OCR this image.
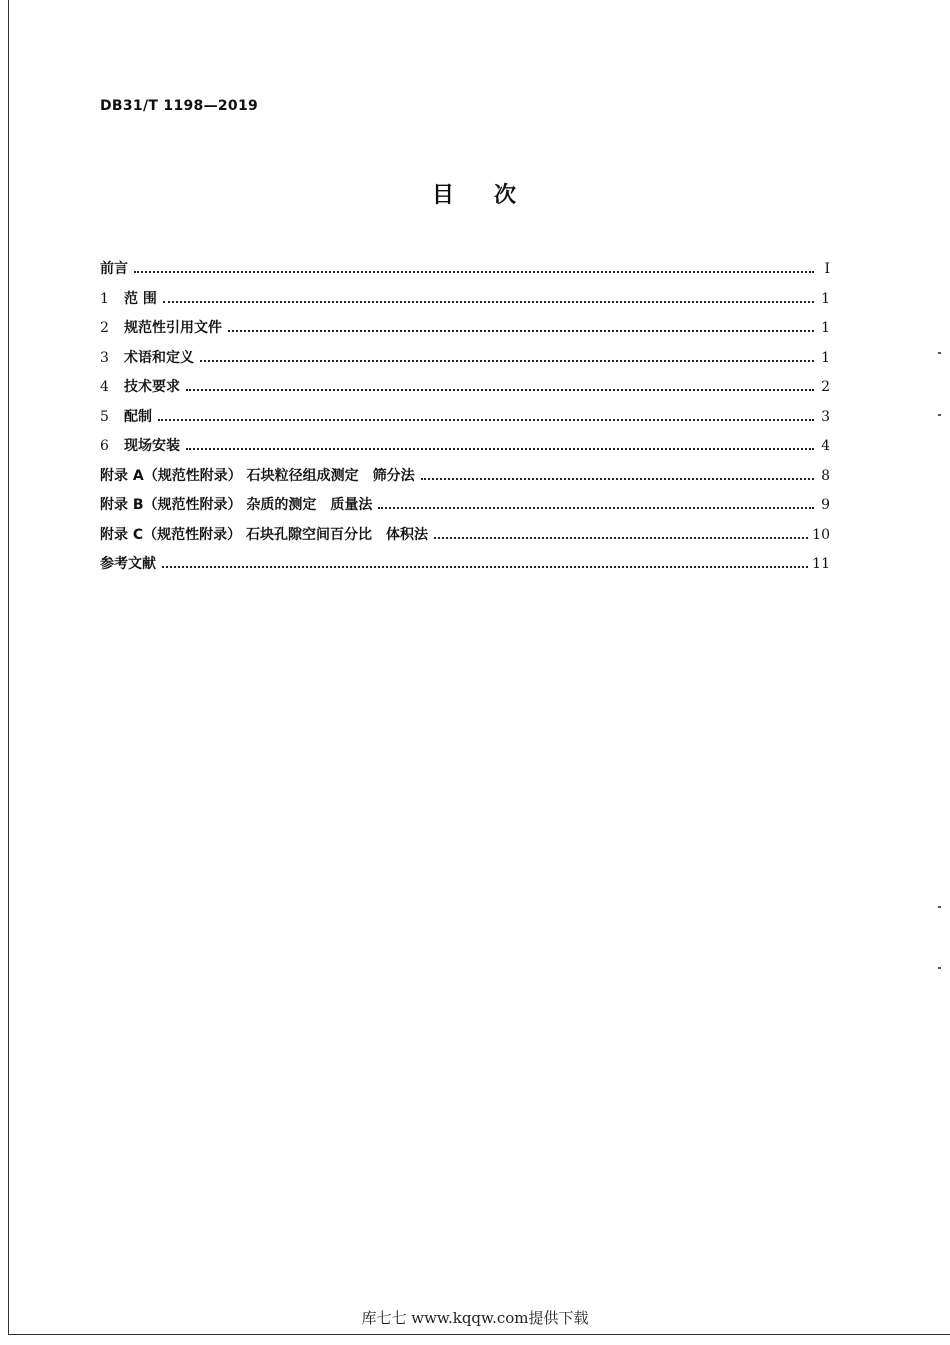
DB31/T 1198—2019
目次
前言	I
1 范 围	1
2 规范性引用文件	1
3 术语和定义	1
4 技术要求	2
5 配制	3
6 现场安装	4
附录 A（规范性附录） 石块粒径组成测定　筛分法	8
附录 B（规范性附录） 杂质的测定　质量法	9
附录 C（规范性附录） 石块孔隙空间百分比　体积法	10
参考文献	11
库七七 www.kqqw.com提供下载
